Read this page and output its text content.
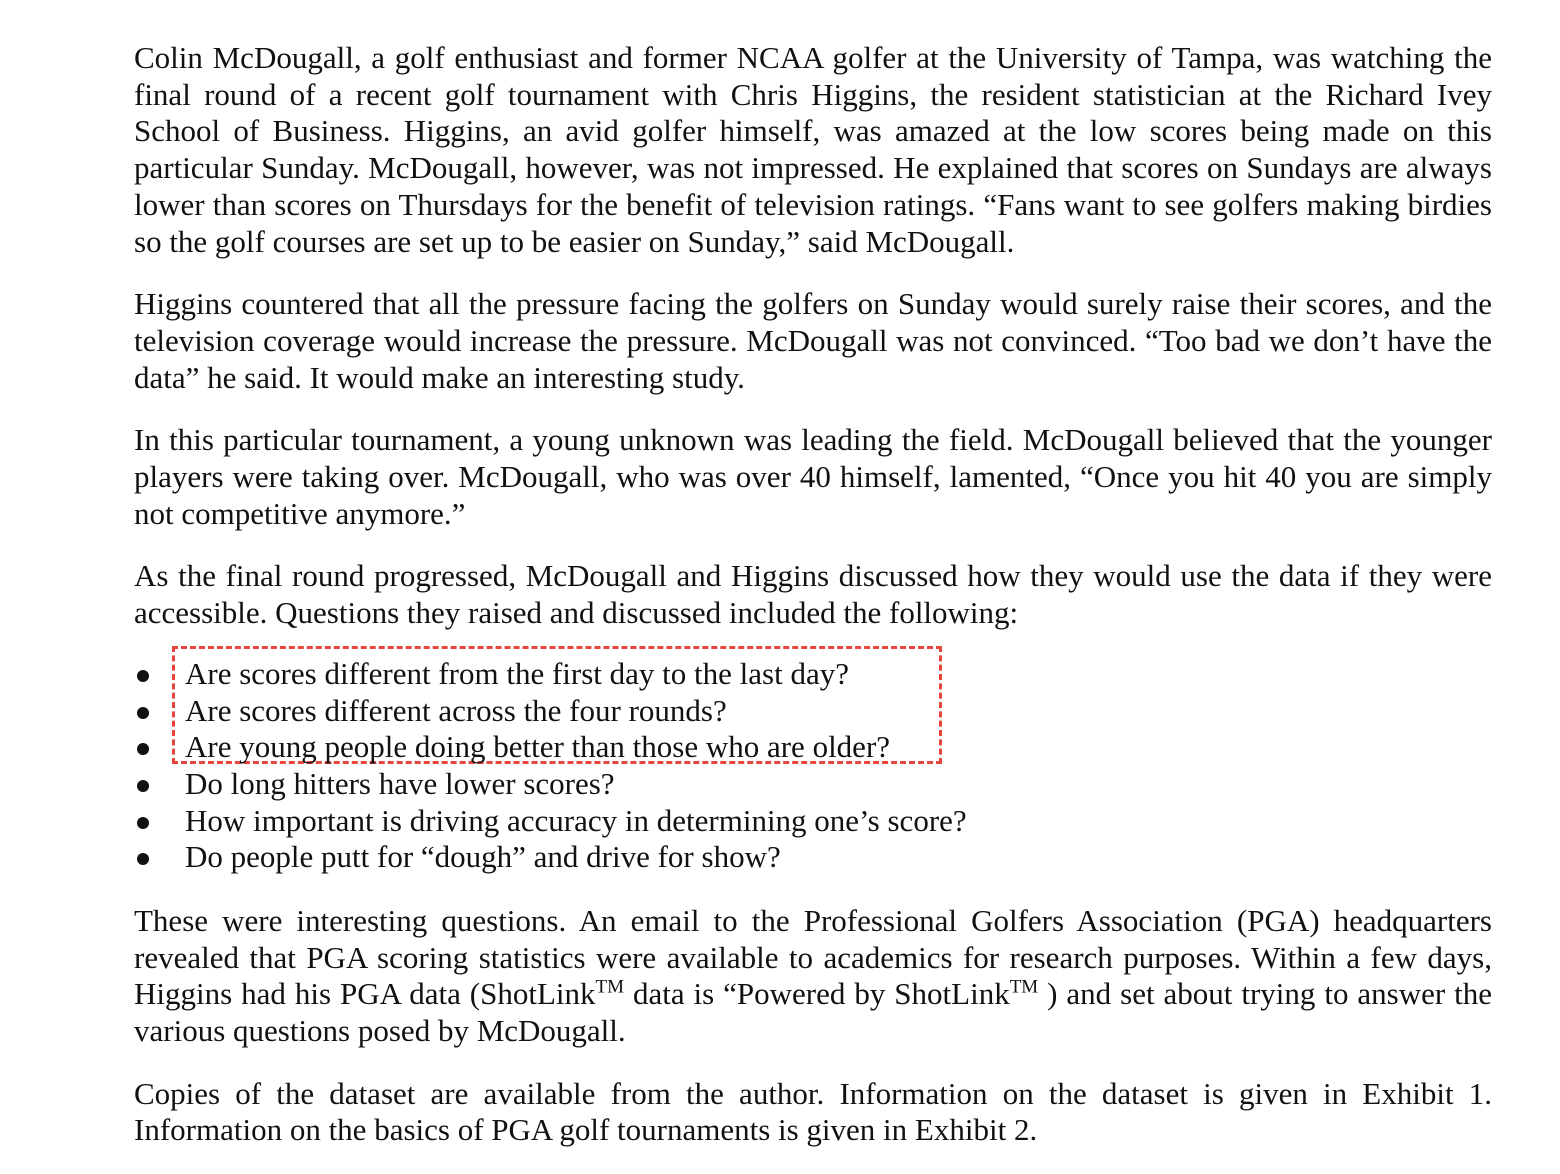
Colin McDougall, a golf enthusiast and former NCAA golfer at the University of Tampa, was watching the final round of a recent golf tournament with Chris Higgins, the resident statistician at the Richard Ivey School of Business. Higgins, an avid golfer himself, was amazed at the low scores being made on this particular Sunday. McDougall, however, was not impressed. He explained that scores on Sundays are always lower than scores on Thursdays for the benefit of television ratings. “Fans want to see golfers making birdies so the golf courses are set up to be easier on Sunday,” said McDougall.

Higgins countered that all the pressure facing the golfers on Sunday would surely raise their scores, and the television coverage would increase the pressure. McDougall was not convinced. “Too bad we don’t have the data” he said. It would make an interesting study.

In this particular tournament, a young unknown was leading the field. McDougall believed that the younger players were taking over. McDougall, who was over 40 himself, lamented, “Once you hit 40 you are simply not competitive anymore.”

As the final round progressed, McDougall and Higgins discussed how they would use the data if they were accessible. Questions they raised and discussed included the following:

Are scores different from the first day to the last day?
Are scores different across the four rounds?
Are young people doing better than those who are older?
Do long hitters have lower scores?
How important is driving accuracy in determining one’s score?
Do people putt for “dough” and drive for show?

These were interesting questions. An email to the Professional Golfers Association (PGA) headquarters revealed that PGA scoring statistics were available to academics for research purposes. Within a few days, Higgins had his PGA data (ShotLink™ data is “Powered by ShotLink™ ) and set about trying to answer the various questions posed by McDougall.

Copies of the dataset are available from the author. Information on the dataset is given in Exhibit 1. Information on the basics of PGA golf tournaments is given in Exhibit 2.
